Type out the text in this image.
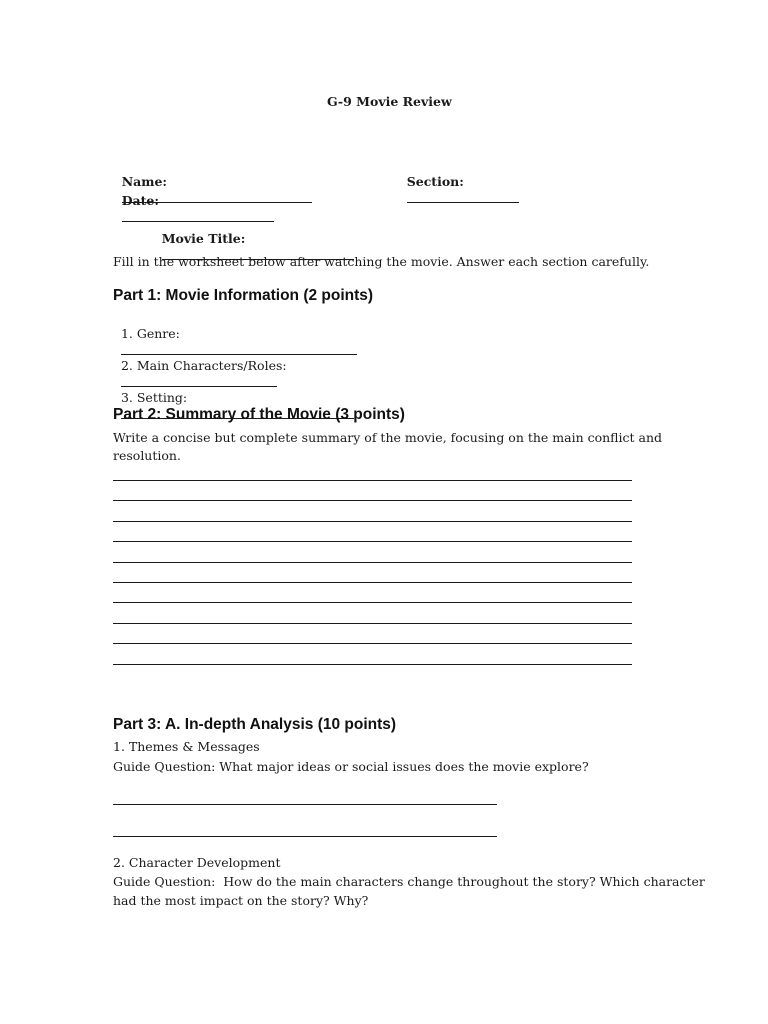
G-9 Movie Review

Name:
	Section:

Date:

Movie Title:

Fill in the worksheet below after watching the movie. Answer each section carefully.
Part 1: Movie Information (2 points)

1. Genre:

2. Main Characters/Roles:

3. Setting:

Part 2: Summary of the Movie (3 points)
Write a concise but complete summary of the movie, focusing on the main conflict and
resolution.
Part 3: A. In-depth Analysis (10 points)
1. Themes & Messages
Guide Question: What major ideas or social issues does the movie explore?
2. Character Development
Guide Question:  How do the main characters change throughout the story? Which character
had the most impact on the story? Why?
